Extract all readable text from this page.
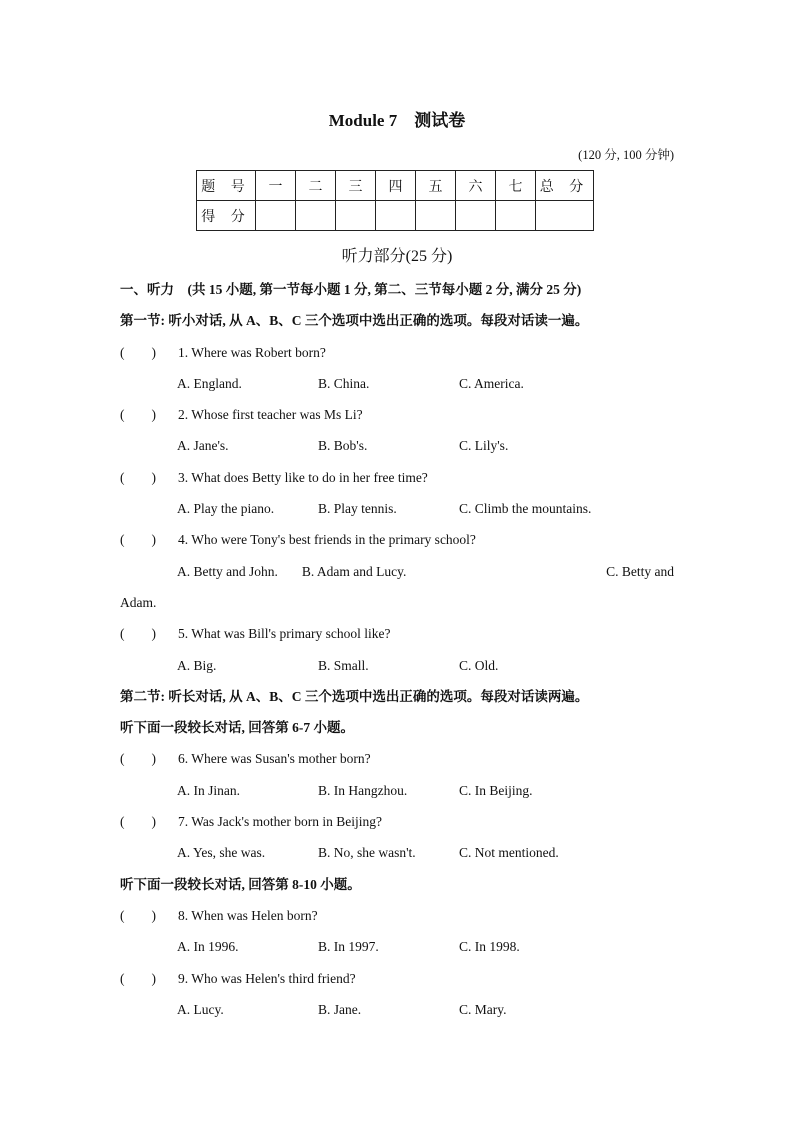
Module 7　测试卷
(120 分, 100 分钟)
题 号	一	二	三	四	五	六	七	总 分
得 分								
听力部分(25 分)
一、听力　(共 15 小题, 第一节每小题 1 分, 第二、三节每小题 2 分, 满分 25 分)
第一节: 听小对话, 从 A、B、C 三个选项中选出正确的选项。每段对话读一遍。
(　　)	1. Where was Robert born?
A. England.	B. China.	C. America.
(　　)	2. Whose first teacher was Ms Li?
A. Jane's.	B. Bob's.	C. Lily's.
(　　)	3. What does Betty like to do in her free time?
A. Play the piano.	B. Play tennis.	C. Climb the mountains.
(　　)	4. Who were Tony's best friends in the primary school?
A. Betty and John.	B. Adam and Lucy.	C. Betty and
Adam.
(　　)	5. What was Bill's primary school like?
A. Big.	B. Small.	C. Old.
第二节: 听长对话, 从 A、B、C 三个选项中选出正确的选项。每段对话读两遍。
听下面一段较长对话, 回答第 6-7 小题。
(　　)	6. Where was Susan's mother born?
A. In Jinan.	B. In Hangzhou.	C. In Beijing.
(　　)	7. Was Jack's mother born in Beijing?
A. Yes, she was.	B. No, she wasn't.	C. Not mentioned.
听下面一段较长对话, 回答第 8-10 小题。
(　　)	8. When was Helen born?
A. In 1996.	B. In 1997.	C. In 1998.
(　　)	9. Who was Helen's third friend?
A. Lucy.	B. Jane.	C. Mary.
